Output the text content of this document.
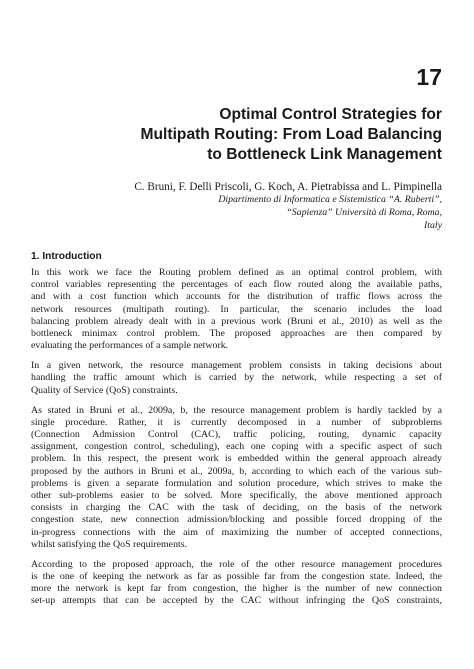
17
Optimal Control Strategies for
Multipath Routing: From Load Balancing
to Bottleneck Link Management

C. Bruni, F. Delli Priscoli, G. Koch, A. Pietrabissa and L. Pimpinella

Dipartimento di Informatica e Sistemistica “A. Ruberti”,
“Sapienza” Università di Roma, Roma,
Italy

1. Introduction

In this work we face the Routing problem defined as an optimal control problem, with
control variables representing the percentages of each flow routed along the available paths,
and with a cost function which accounts for the distribution of traffic flows across the
network resources (multipath routing). In particular, the scenario includes the load
balancing problem already dealt with in a previous work (Bruni et al., 2010) as well as the
bottleneck minimax control problem. The proposed approaches are then compared by
evaluating the performances of a sample network.

In a given network, the resource management problem consists in taking decisions about
handling the traffic amount which is carried by the network, while respecting a set of
Quality of Service (QoS) constraints.

As stated in Bruni et al., 2009a, b, the resource management problem is hardly tackled by a
single procedure. Rather, it is currently decomposed in a number of subproblems
(Connection Admission Control (CAC), traffic policing, routing, dynamic capacity
assignment, congestion control, scheduling), each one coping with a specific aspect of such
problem. In this respect, the present work is embedded within the general approach already
proposed by the authors in Bruni et al., 2009a, b, according to which each of the various sub-
problems is given a separate formulation and solution procedure, which strives to make the
other sub-problems easier to be solved. More specifically, the above mentioned approach
consists in charging the CAC with the task of deciding, on the basis of the network
congestion state, new connection admission/blocking and possible forced dropping of the
in-progress connections with the aim of maximizing the number of accepted connections,
whilst satisfying the QoS requirements.

According to the proposed approach, the role of the other resource management procedures
is the one of keeping the network as far as possible far from the congestion state. Indeed, the
more the network is kept far from congestion, the higher is the number of new connection
set-up attempts that can be accepted by the CAC without infringing the QoS constraints,
